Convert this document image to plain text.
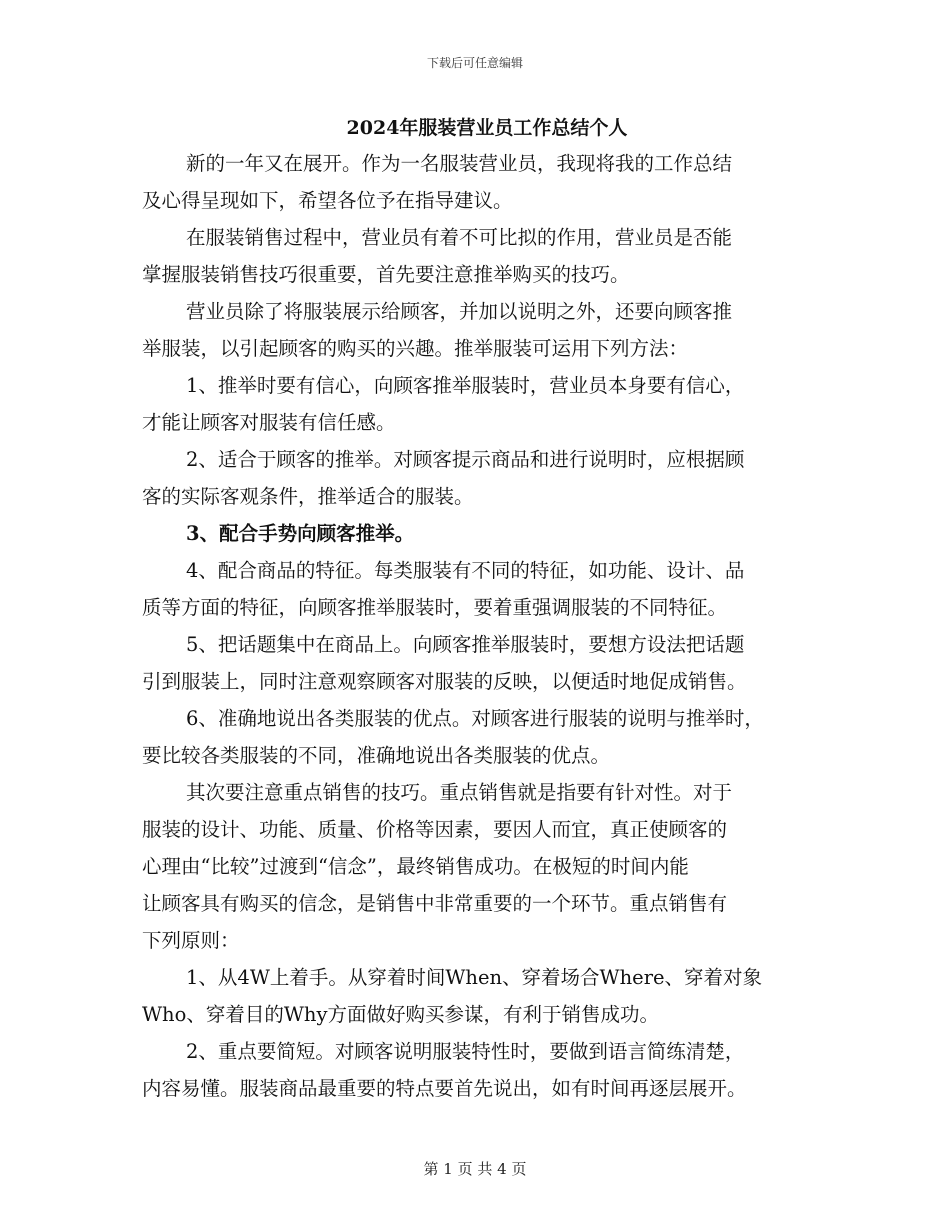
下载后可任意编辑
2024年服装营业员工作总结个人

新的一年又在展开。作为一名服装营业员，我现将我的工作总结

及心得呈现如下，希望各位予在指导建议。

在服装销售过程中，营业员有着不可比拟的作用，营业员是否能

掌握服装销售技巧很重要，首先要注意推举购买的技巧。

营业员除了将服装展示给顾客，并加以说明之外，还要向顾客推

举服装，以引起顾客的购买的兴趣。推举服装可运用下列方法：

1、推举时要有信心，向顾客推举服装时，营业员本身要有信心，

才能让顾客对服装有信任感。

2、适合于顾客的推举。对顾客提示商品和进行说明时，应根据顾

客的实际客观条件，推举适合的服装。

3、配合手势向顾客推举。

4、配合商品的特征。每类服装有不同的特征，如功能、设计、品

质等方面的特征，向顾客推举服装时，要着重强调服装的不同特征。

5、把话题集中在商品上。向顾客推举服装时，要想方设法把话题

引到服装上，同时注意观察顾客对服装的反映，以便适时地促成销售。

6、准确地说出各类服装的优点。对顾客进行服装的说明与推举时，

要比较各类服装的不同，准确地说出各类服装的优点。

其次要注意重点销售的技巧。重点销售就是指要有针对性。对于

服装的设计、功能、质量、价格等因素，要因人而宜，真正使顾客的

心理由“比较”过渡到“信念”，最终销售成功。在极短的时间内能

让顾客具有购买的信念，是销售中非常重要的一个环节。重点销售有

下列原则：

1、从4W上着手。从穿着时间When、穿着场合Where、穿着对象

Who、穿着目的Why方面做好购买参谋，有利于销售成功。

2、重点要简短。对顾客说明服装特性时，要做到语言简练清楚，

内容易懂。服装商品最重要的特点要首先说出，如有时间再逐层展开。

第 1 页 共 4 页
